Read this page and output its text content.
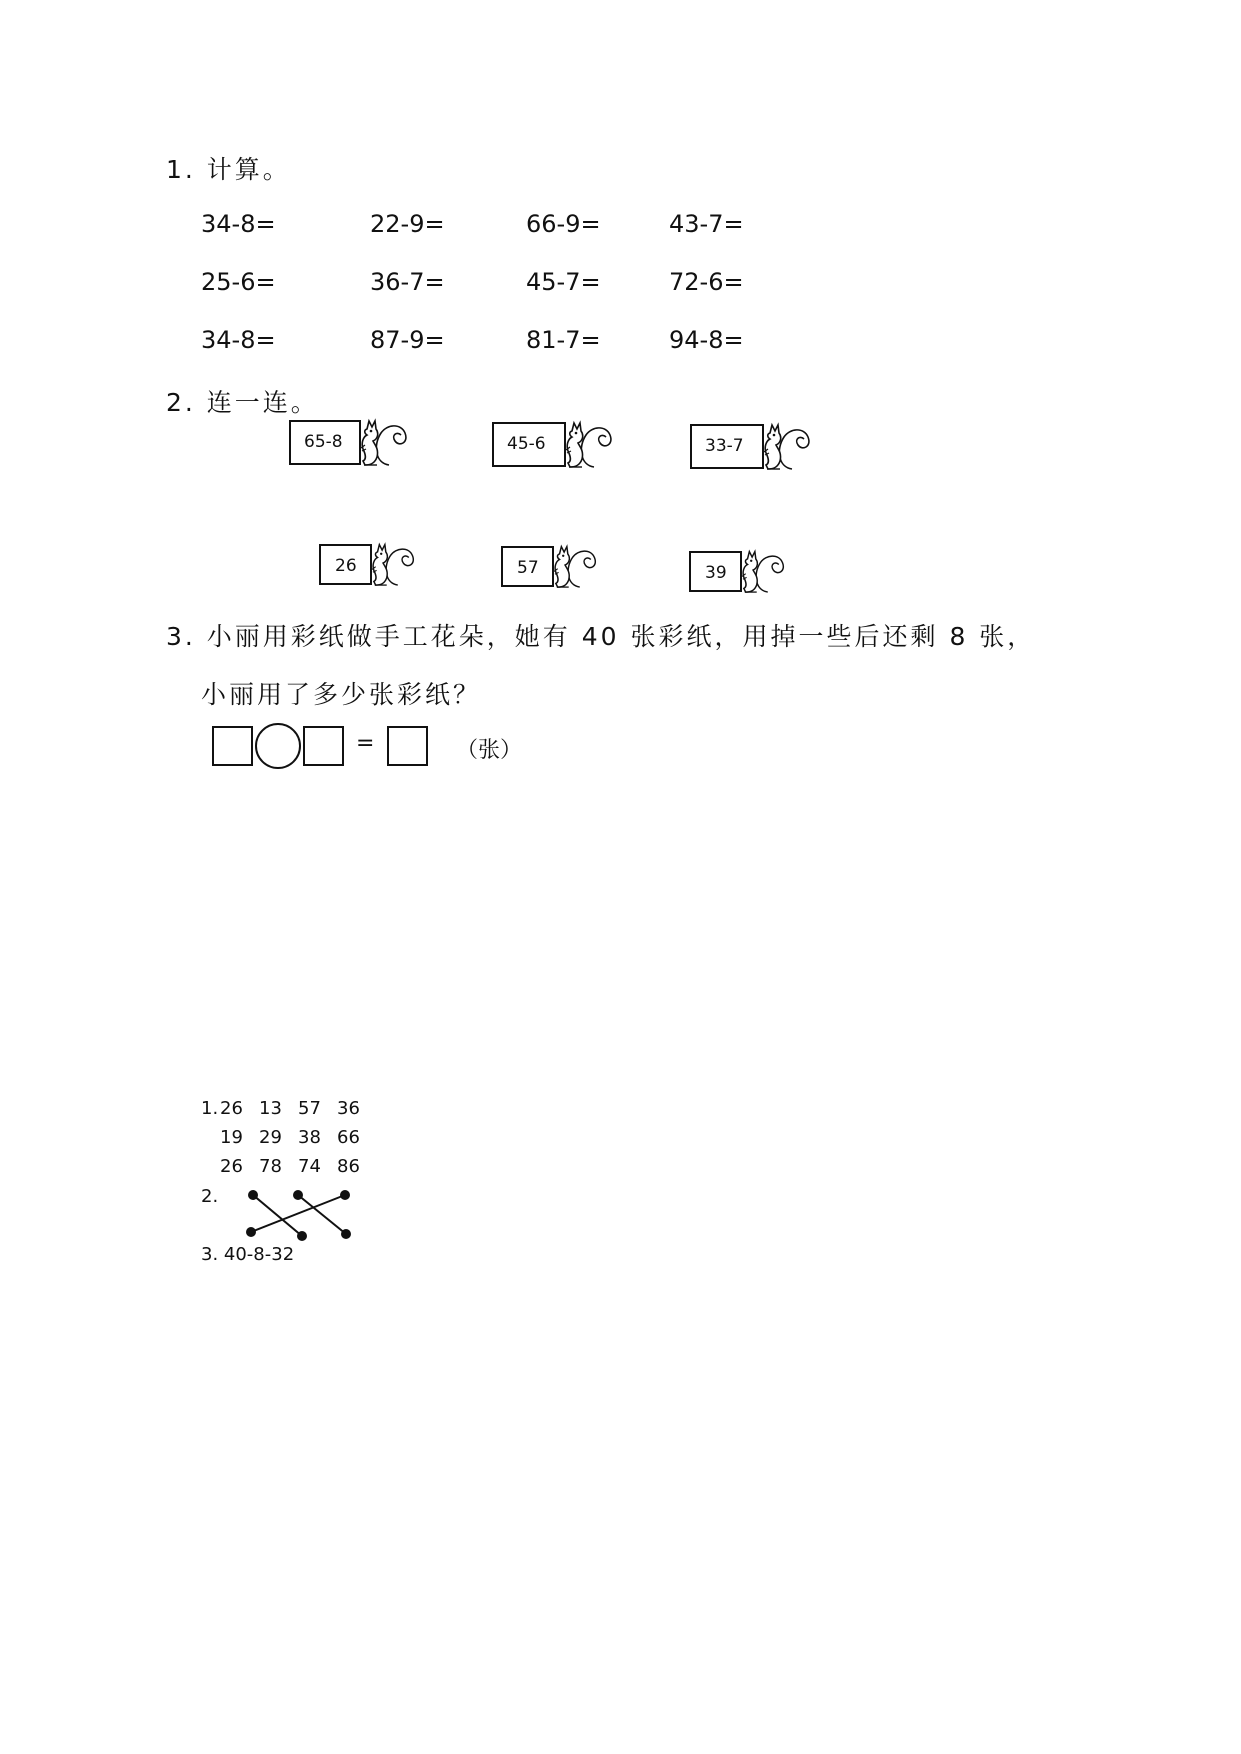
1. 计算。
34-8=	22-9=	66-9=	43-7=
25-6=	36-7=	45-7=	72-6=
34-8=	87-9=	81-7=	94-8=
2. 连一连。
65-8	45-6	33-7
26	57	39
3. 小丽用彩纸做手工花朵，她有 40 张彩纸，用掉一些后还剩 8 张，
小丽用了多少张彩纸？
=	（张）
1. 26 13 57 36
19 29 38 66
26 78 74 86
2.
3. 40-8-32
